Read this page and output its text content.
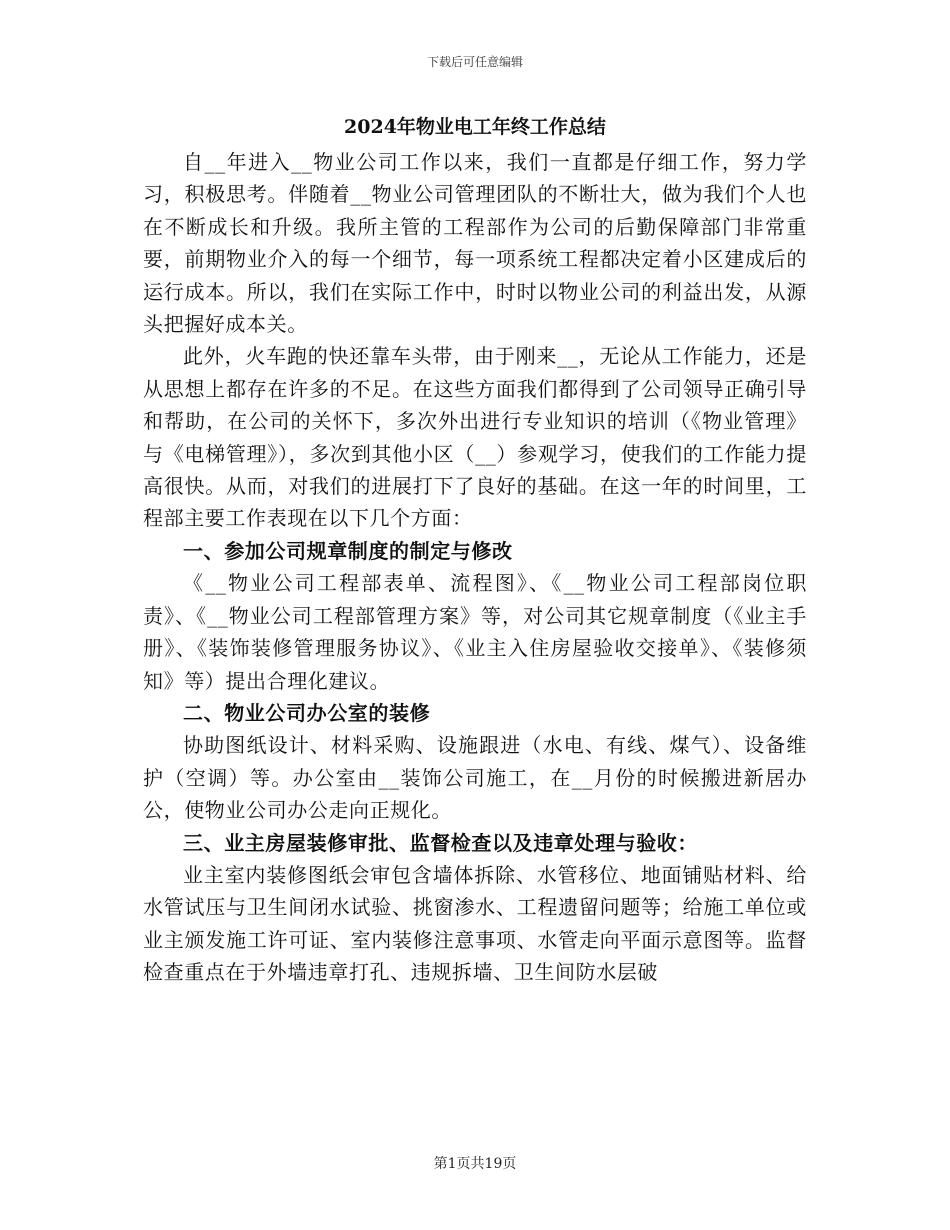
下载后可任意编辑
2024年物业电工年终工作总结

自__年进入__物业公司工作以来，我们一直都是仔细工作，努力学习，积极思考。伴随着__物业公司管理团队的不断壮大，做为我们个人也在不断成长和升级。我所主管的工程部作为公司的后勤保障部门非常重要，前期物业介入的每一个细节，每一项系统工程都决定着小区建成后的运行成本。所以，我们在实际工作中，时时以物业公司的利益出发，从源头把握好成本关。

此外，火车跑的快还靠车头带，由于刚来__，无论从工作能力，还是从思想上都存在许多的不足。在这些方面我们都得到了公司领导正确引导和帮助，在公司的关怀下，多次外出进行专业知识的培训（《物业管理》与《电梯管理》），多次到其他小区（__）参观学习，使我们的工作能力提高很快。从而，对我们的进展打下了良好的基础。在这一年的时间里，工程部主要工作表现在以下几个方面：

一、参加公司规章制度的制定与修改

《__物业公司工程部表单、流程图》、《__物业公司工程部岗位职责》、《__物业公司工程部管理方案》等，对公司其它规章制度（《业主手册》、《装饰装修管理服务协议》、《业主入住房屋验收交接单》、《装修须知》等）提出合理化建议。

二、物业公司办公室的装修

协助图纸设计、材料采购、设施跟进（水电、有线、煤气）、设备维护（空调）等。办公室由__装饰公司施工，在__月份的时候搬进新居办公，使物业公司办公走向正规化。

三、业主房屋装修审批、监督检查以及违章处理与验收：

业主室内装修图纸会审包含墙体拆除、水管移位、地面铺贴材料、给水管试压与卫生间闭水试验、挑窗渗水、工程遗留问题等；给施工单位或业主颁发施工许可证、室内装修注意事项、水管走向平面示意图等。监督检查重点在于外墙违章打孔、违规拆墙、卫生间防水层破

第1页共19页
